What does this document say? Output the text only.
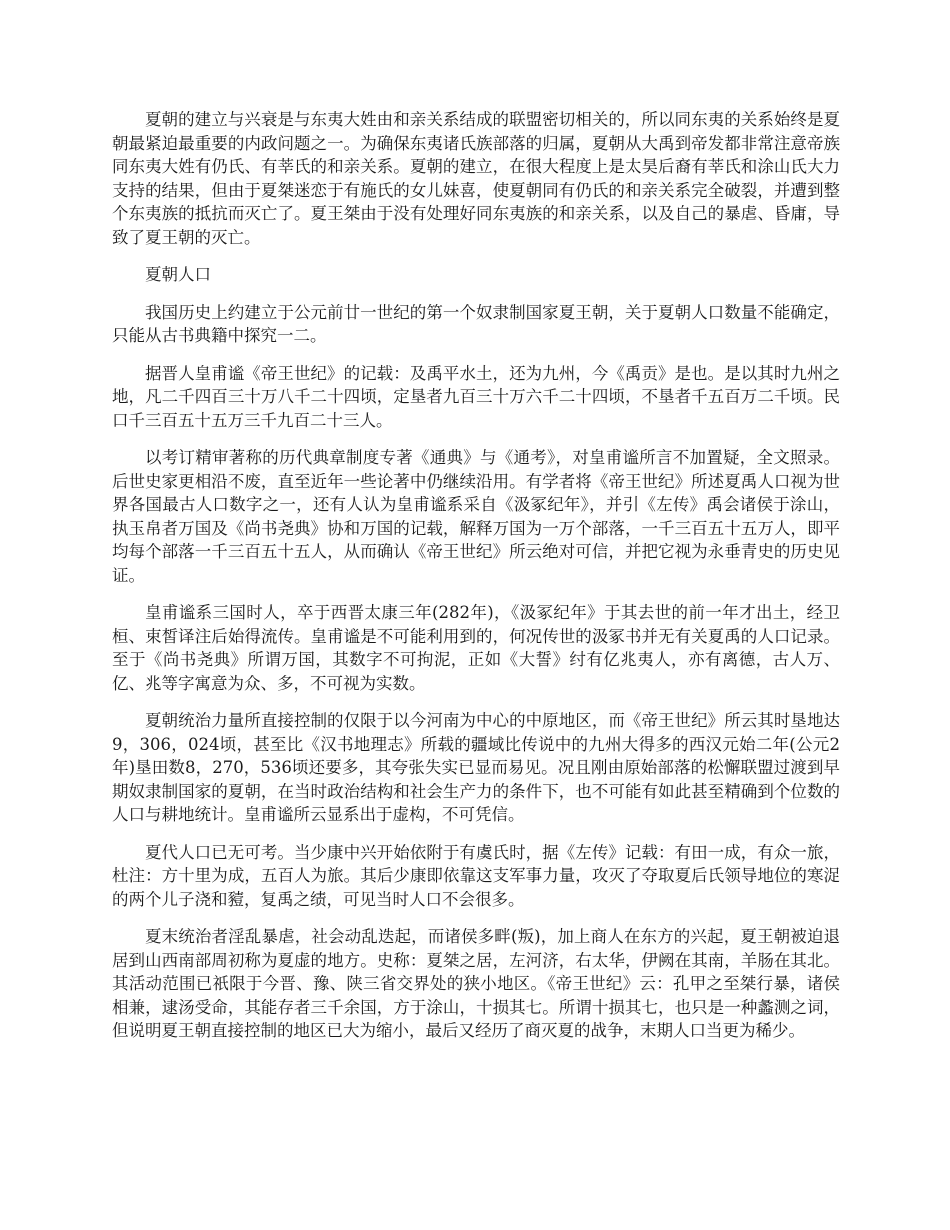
夏朝的建立与兴衰是与东夷大姓由和亲关系结成的联盟密切相关的，所以同东夷的关系始终是夏朝最紧迫最重要的内政问题之一。为确保东夷诸氏族部落的归属，夏朝从大禹到帝发都非常注意帝族同东夷大姓有仍氏、有莘氏的和亲关系。夏朝的建立，在很大程度上是太昊后裔有莘氏和涂山氏大力支持的结果，但由于夏桀迷恋于有施氏的女儿妹喜，使夏朝同有仍氏的和亲关系完全破裂，并遭到整个东夷族的抵抗而灭亡了。夏王桀由于没有处理好同东夷族的和亲关系，以及自己的暴虐、昏庸，导致了夏王朝的灭亡。

夏朝人口

我国历史上约建立于公元前廿一世纪的第一个奴隶制国家夏王朝，关于夏朝人口数量不能确定，只能从古书典籍中探究一二。

据晋人皇甫谧《帝王世纪》的记载：及禹平水土，还为九州，今《禹贡》是也。是以其时九州之地，凡二千四百三十万八千二十四顷，定垦者九百三十万六千二十四顷，不垦者千五百万二千顷。民口千三百五十五万三千九百二十三人。

以考订精审著称的历代典章制度专著《通典》与《通考》，对皇甫谧所言不加置疑，全文照录。后世史家更相沿不废，直至近年一些论著中仍继续沿用。有学者将《帝王世纪》所述夏禹人口视为世界各国最古人口数字之一，还有人认为皇甫谧系采自《汲冢纪年》，并引《左传》禹会诸侯于涂山，执玉帛者万国及《尚书尧典》协和万国的记载，解释万国为一万个部落，一千三百五十五万人，即平均每个部落一千三百五十五人，从而确认《帝王世纪》所云绝对可信，并把它视为永垂青史的历史见证。

皇甫谧系三国时人，卒于西晋太康三年(282年)，《汲冢纪年》于其去世的前一年才出土，经卫桓、束皙译注后始得流传。皇甫谧是不可能利用到的，何况传世的汲冢书并无有关夏禹的人口记录。至于《尚书尧典》所谓万国，其数字不可拘泥，正如《大誓》纣有亿兆夷人，亦有离德，古人万、亿、兆等字寓意为众、多，不可视为实数。

夏朝统治力量所直接控制的仅限于以今河南为中心的中原地区，而《帝王世纪》所云其时垦地达9，306，024顷，甚至比《汉书地理志》所载的疆域比传说中的九州大得多的西汉元始二年(公元2年)垦田数8，270，536顷还要多，其夸张失实已显而易见。况且刚由原始部落的松懈联盟过渡到早期奴隶制国家的夏朝，在当时政治结构和社会生产力的条件下，也不可能有如此甚至精确到个位数的人口与耕地统计。皇甫谧所云显系出于虚构，不可凭信。

夏代人口已无可考。当少康中兴开始依附于有虞氏时，据《左传》记载：有田一成，有众一旅，杜注：方十里为成，五百人为旅。其后少康即依靠这支军事力量，攻灭了夺取夏后氏领导地位的寒浞的两个儿子浇和豷，复禹之绩，可见当时人口不会很多。

夏末统治者淫乱暴虐，社会动乱迭起，而诸侯多畔(叛)，加上商人在东方的兴起，夏王朝被迫退居到山西南部周初称为夏虚的地方。史称：夏桀之居，左河济，右太华，伊阙在其南，羊肠在其北。其活动范围已祇限于今晋、豫、陕三省交界处的狭小地区。《帝王世纪》云：孔甲之至桀行暴，诸侯相兼，逮汤受命，其能存者三千余国，方于涂山，十损其七。所谓十损其七，也只是一种蠡测之词，但说明夏王朝直接控制的地区已大为缩小，最后又经历了商灭夏的战争，末期人口当更为稀少。
